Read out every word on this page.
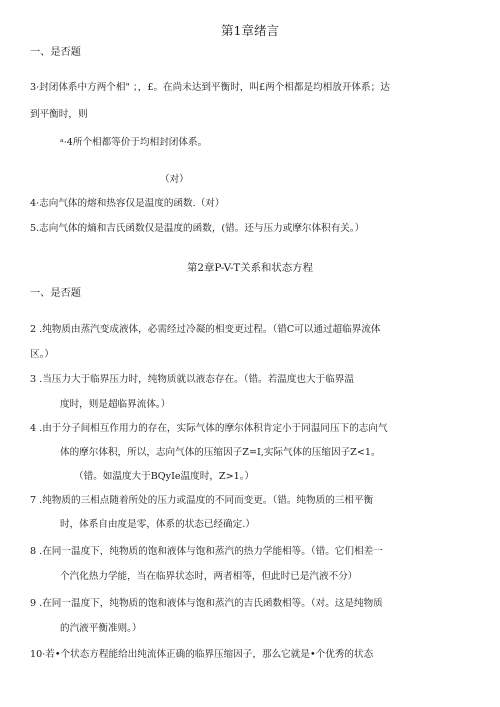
第1章绪言
一、是否题
3·封闭体系中方两个相" ；，£。在尚未达到平衡时，叫£两个相都是均相放开体系；达
到平衡时，则
ᵃ·4所个相都等价于均相封闭体系。
（对）
4·志向气体的熔和热容仅是温度的函数.（对）
5.志向气体的熵和吉氏函数仅是温度的函数，(错。还与压力或摩尔体积有关。）
第2章P-V-T关系和状态方程
一、是否题
2 .纯物质由蒸汽变成液体，必需经过冷凝的相变更过程。（错C可以通过超临界流体
区。）
3 .当压力大于临界压力时，纯物质就以液态存在。（错。若温度也大于临界温
度时，则是超临界流体。）
4 .由于分子间相互作用力的存在，实际气体的摩尔体积肯定小于同温同压下的志向气
体的摩尔体积，所以，志向气体的压缩因子Z=I,实际气体的压缩因子Z<1。
（错。如温度大于BQyIe温度时，Z>1。）
7 .纯物质的三相点随着所处的压力或温度的不同而变更。（错。纯物质的三相平衡
时，体系自由度是零，体系的状态已经确定.）
8 .在同一温度下，纯物质的饱和液体与饱和蒸汽的热力学能相等。（错。它们相差一
个汽化热力学能，当在临界状态时，两者相等，但此时已是汽液不分）
9 .在同一温度下，纯物质的饱和液体与饱和蒸汽的吉氏函数相等。（对。这是纯物质
的汽液平衡准则。）
10·若•个状态方程能给出纯流体正确的临界压缩因子，那么它就是•个优秀的状态
